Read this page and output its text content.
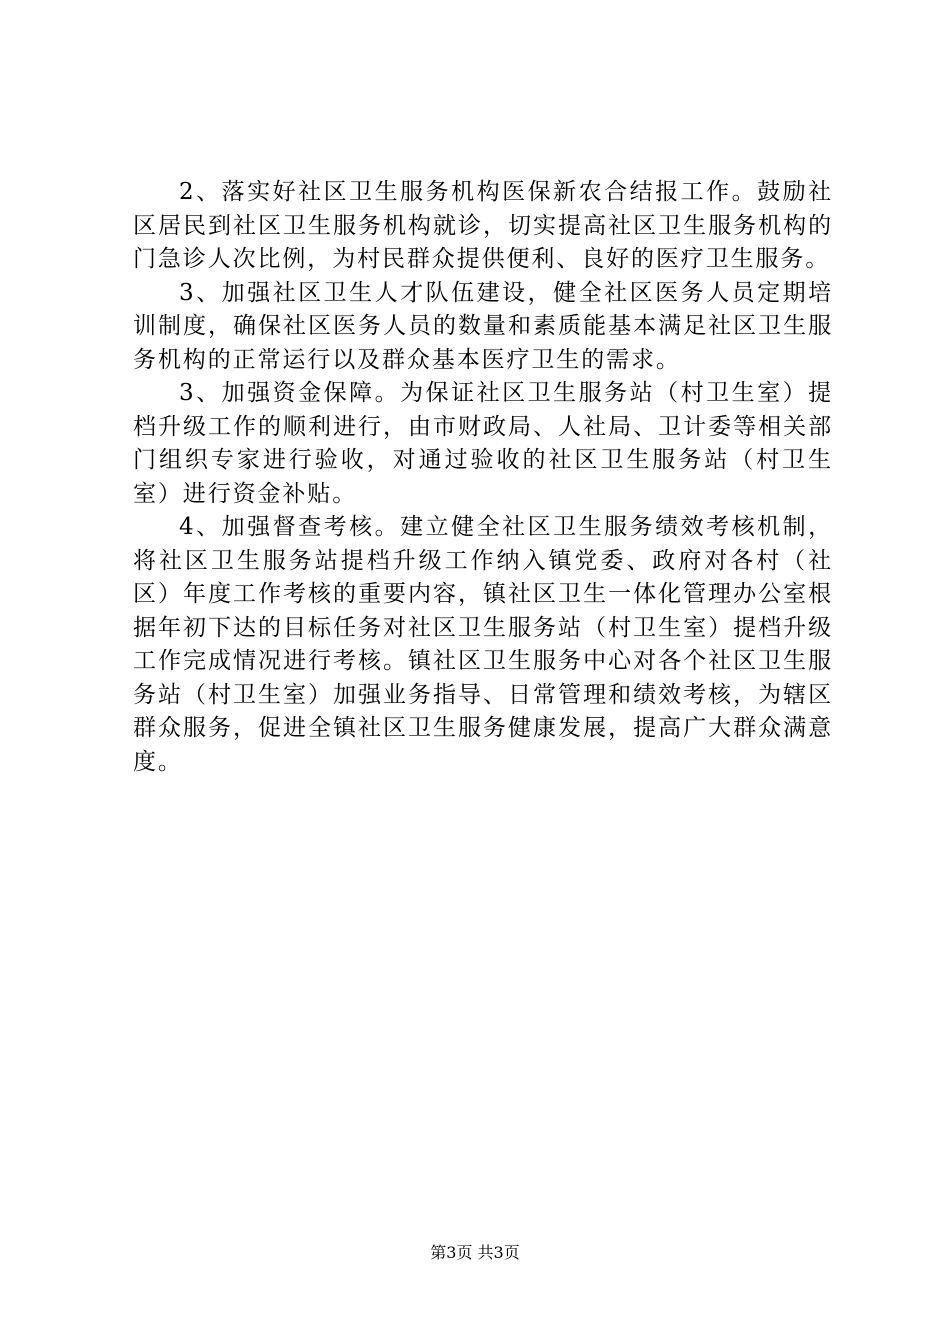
2、落实好社区卫生服务机构医保新农合结报工作。鼓励社区居民到社区卫生服务机构就诊，切实提高社区卫生服务机构的门急诊人次比例，为村民群众提供便利、良好的医疗卫生服务。

3、加强社区卫生人才队伍建设，健全社区医务人员定期培训制度，确保社区医务人员的数量和素质能基本满足社区卫生服务机构的正常运行以及群众基本医疗卫生的需求。

3、加强资金保障。为保证社区卫生服务站（村卫生室）提档升级工作的顺利进行，由市财政局、人社局、卫计委等相关部门组织专家进行验收，对通过验收的社区卫生服务站（村卫生室）进行资金补贴。

4、加强督查考核。建立健全社区卫生服务绩效考核机制，将社区卫生服务站提档升级工作纳入镇党委、政府对各村（社区）年度工作考核的重要内容，镇社区卫生一体化管理办公室根据年初下达的目标任务对社区卫生服务站（村卫生室）提档升级工作完成情况进行考核。镇社区卫生服务中心对各个社区卫生服务站（村卫生室）加强业务指导、日常管理和绩效考核，为辖区群众服务，促进全镇社区卫生服务健康发展，提高广大群众满意度。

第3页 共3页
